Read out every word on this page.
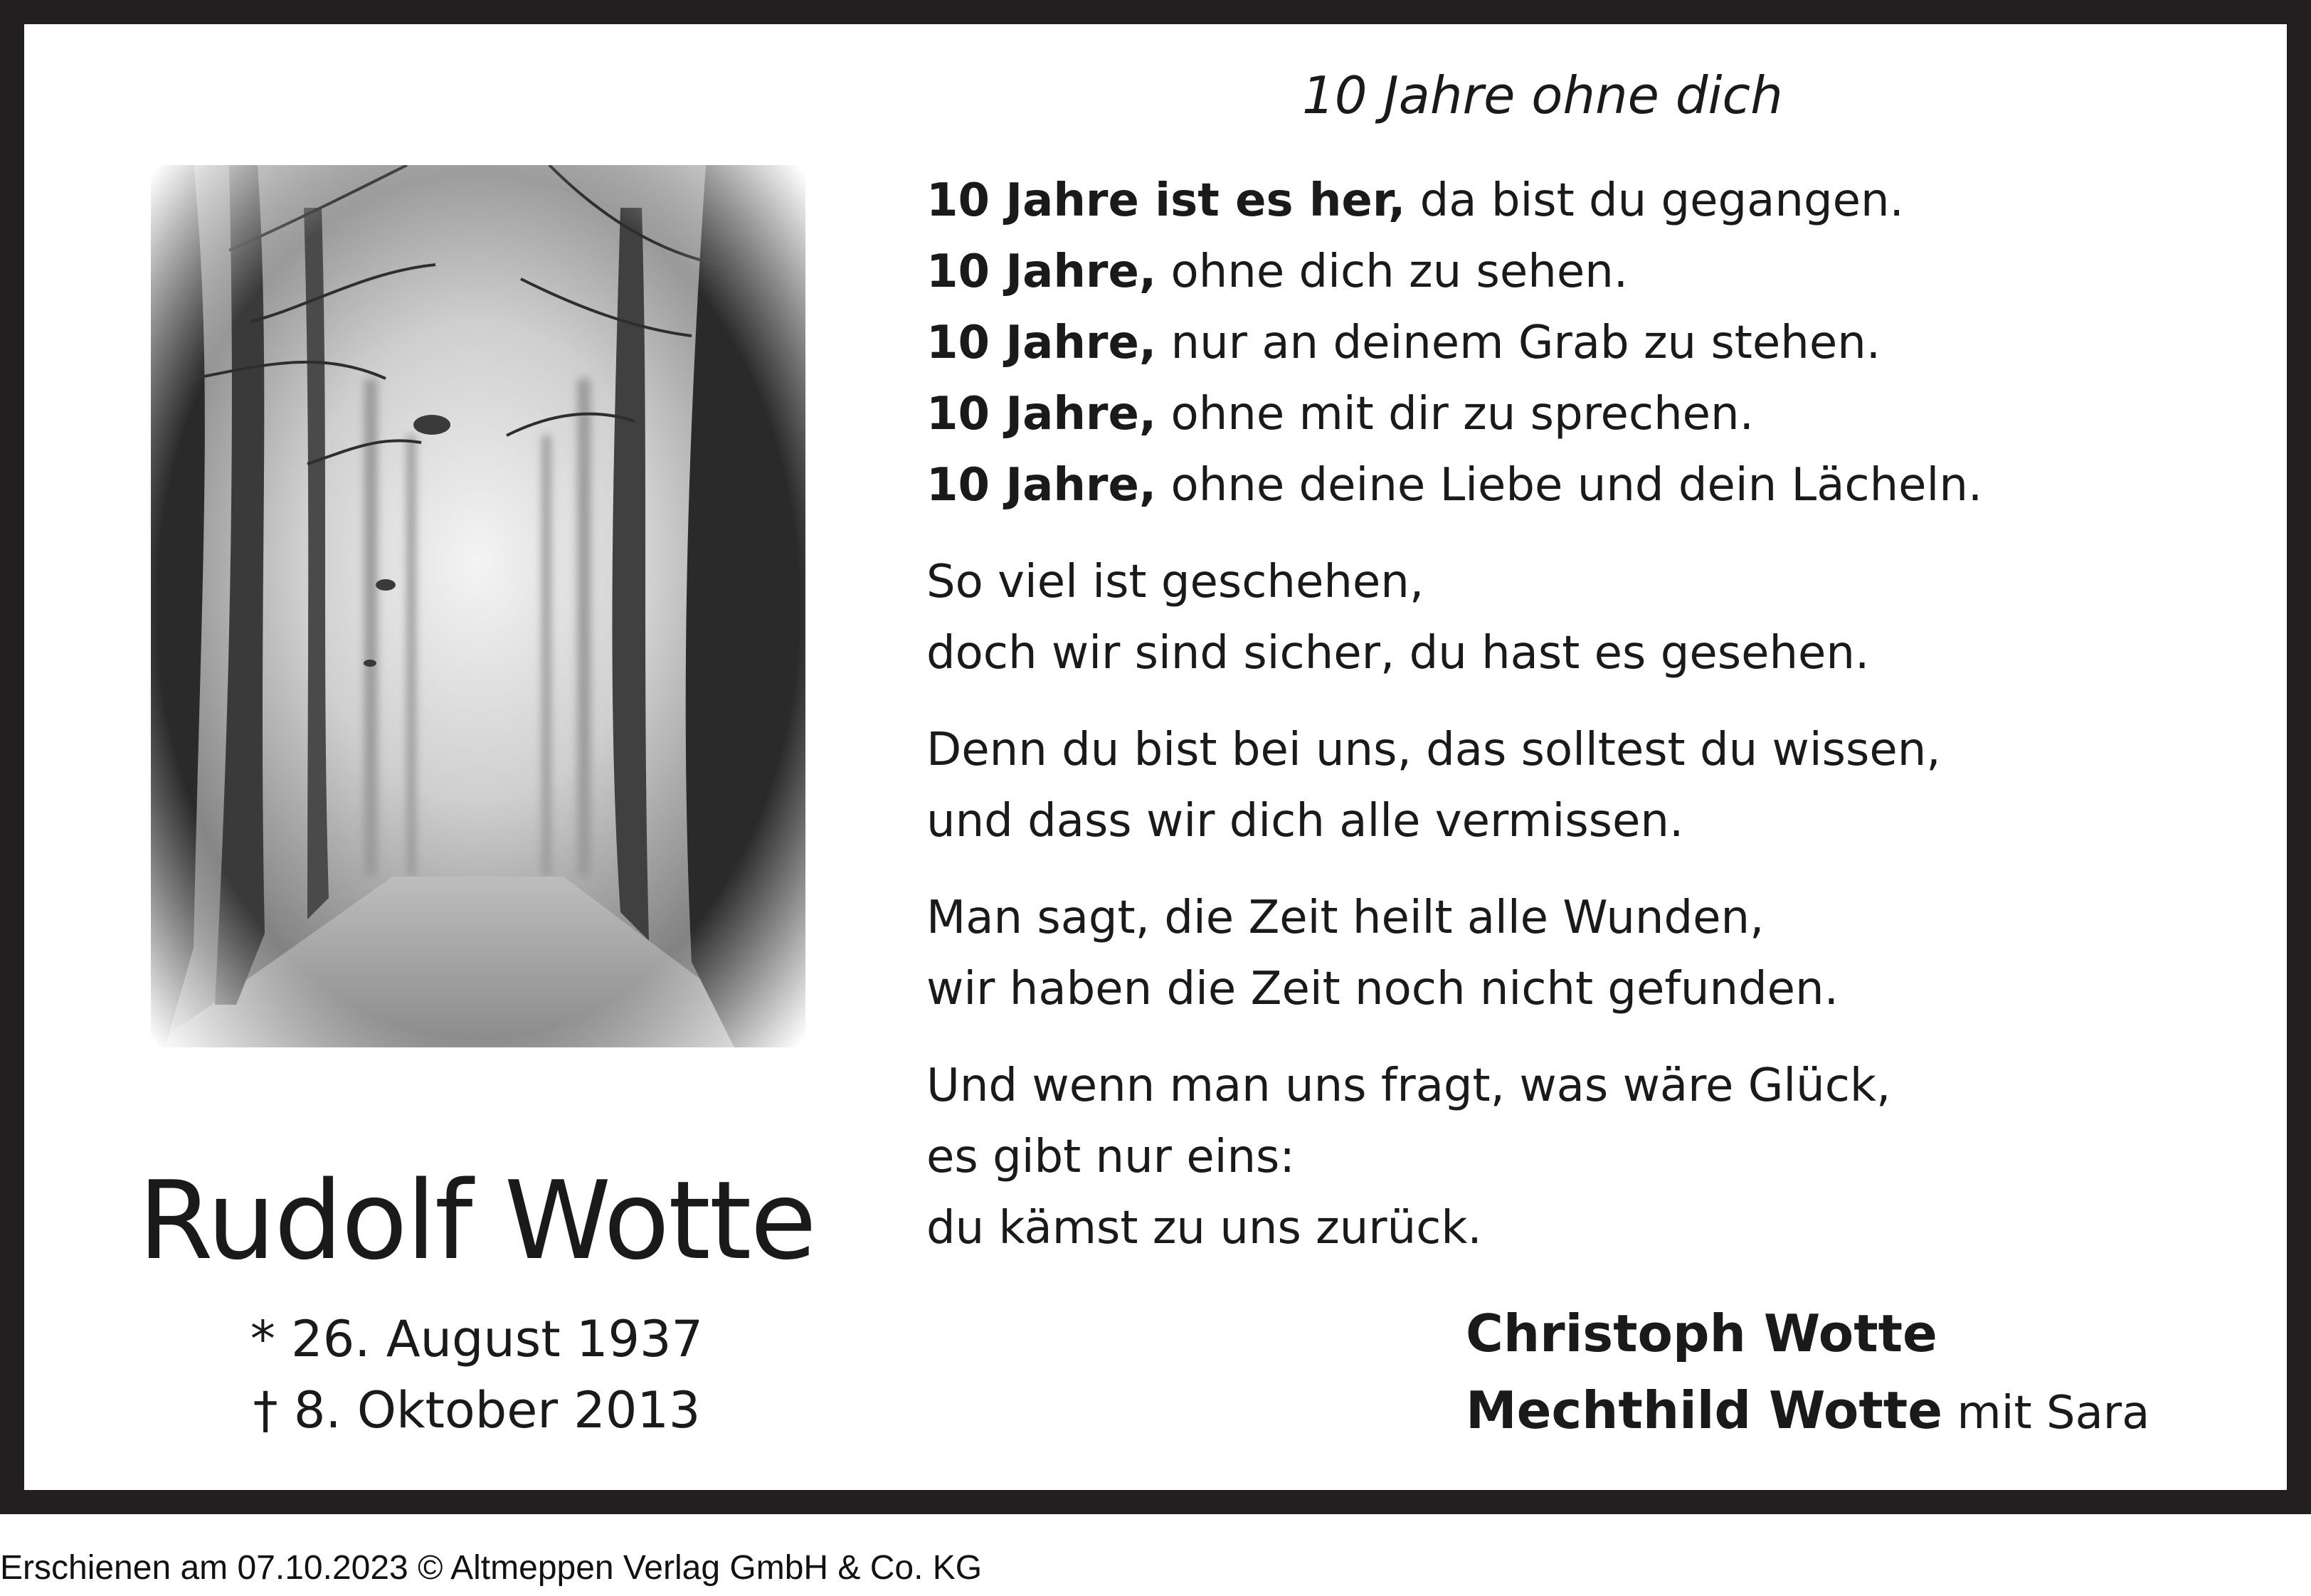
Rudolf Wotte
* 26. August 1937
† 8. Oktober 2013
10 Jahre ohne dich
10 Jahre ist es her, da bist du gegangen.
10 Jahre, ohne dich zu sehen.
10 Jahre, nur an deinem Grab zu stehen.
10 Jahre, ohne mit dir zu sprechen.
10 Jahre, ohne deine Liebe und dein Lächeln.
So viel ist geschehen,
doch wir sind sicher, du hast es gesehen.
Denn du bist bei uns, das solltest du wissen,
und dass wir dich alle vermissen.
Man sagt, die Zeit heilt alle Wunden,
wir haben die Zeit noch nicht gefunden.
Und wenn man uns fragt, was wäre Glück,
es gibt nur eins:
du kämst zu uns zurück.
Christoph Wotte
Mechthild Wotte mit Sara
Erschienen am 07.10.2023 © Altmeppen Verlag GmbH & Co. KG
